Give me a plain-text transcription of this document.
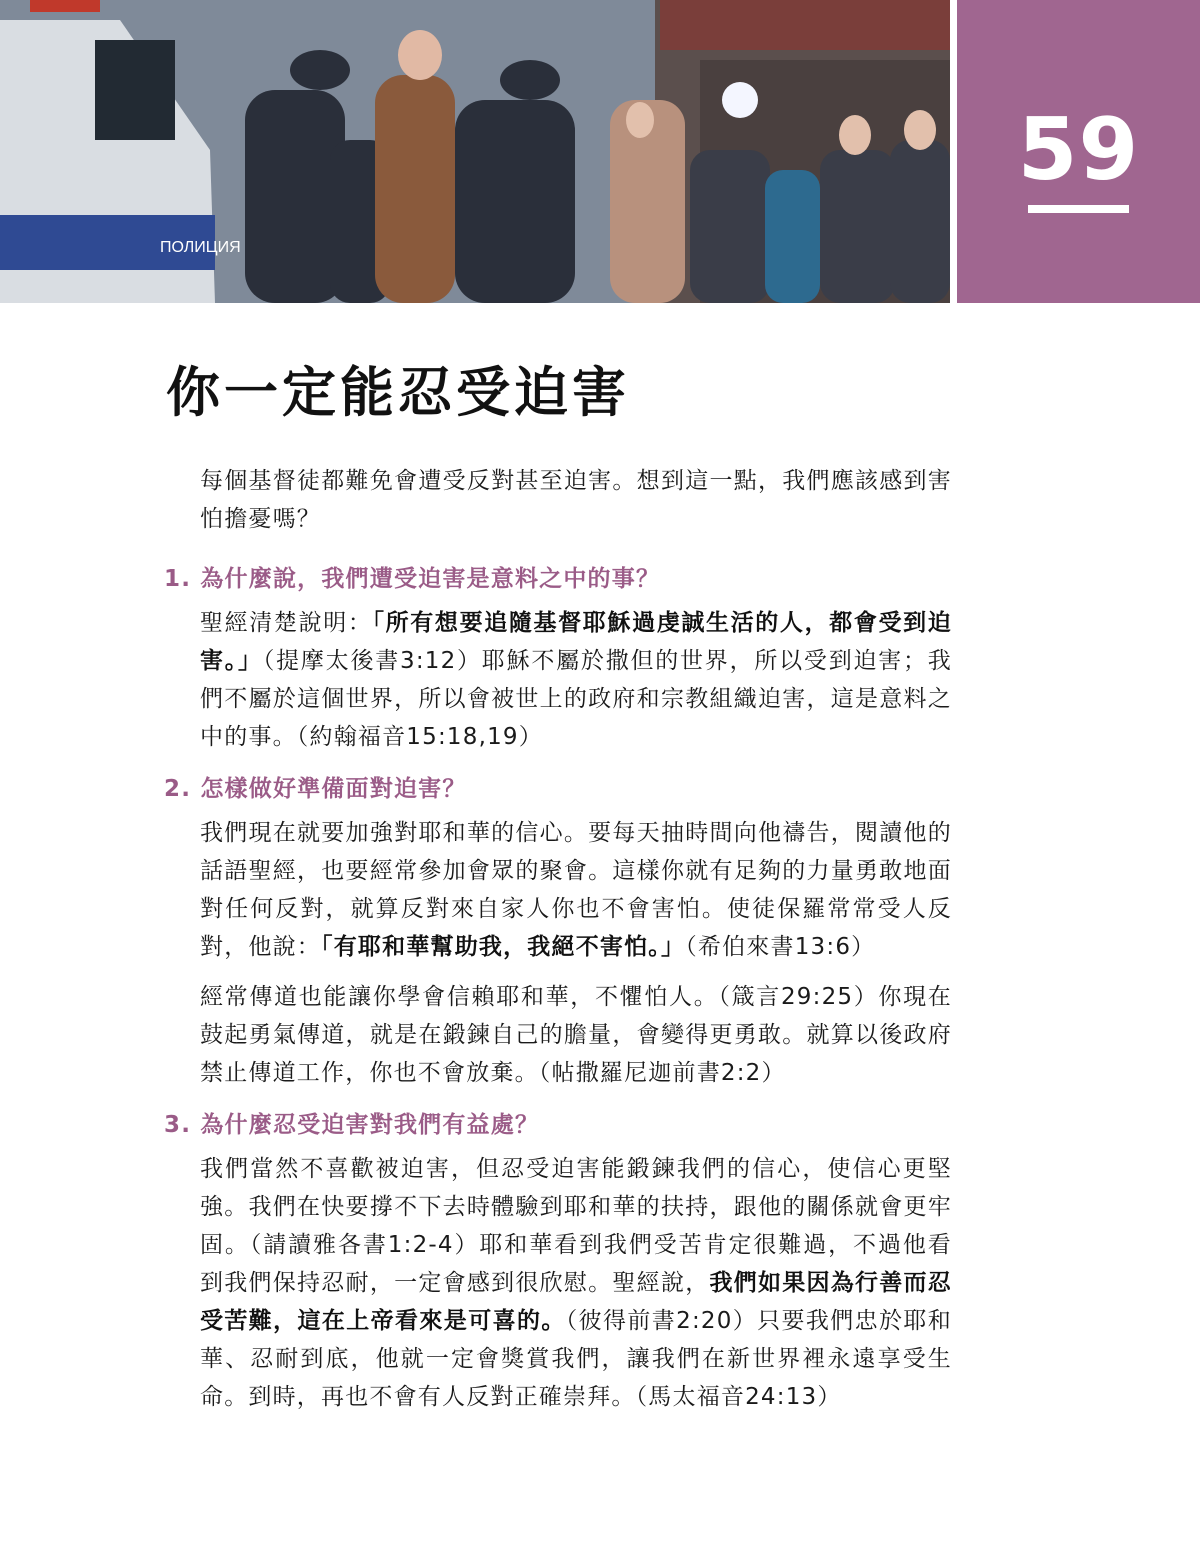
ПОЛИЦИЯ
59
你一定能忍受迫害

每個基督徒都難免會遭受反對甚至迫害。想到這一點，我們應該感到害怕擔憂嗎？

1. 為什麼說，我們遭受迫害是意料之中的事？

聖經清楚說明：「所有想要追隨基督耶穌過虔誠生活的人，都會受到迫害。」（提摩太後書3:12）耶穌不屬於撒但的世界，所以受到迫害；我們不屬於這個世界，所以會被世上的政府和宗教組織迫害，這是意料之中的事。（約翰福音15:18,19）

2. 怎樣做好準備面對迫害？

我們現在就要加強對耶和華的信心。要每天抽時間向他禱告，閱讀他的話語聖經，也要經常參加會眾的聚會。這樣你就有足夠的力量勇敢地面對任何反對，就算反對來自家人你也不會害怕。使徒保羅常常受人反對，他說：「有耶和華幫助我，我絕不害怕。」（希伯來書13:6）

經常傳道也能讓你學會信賴耶和華，不懼怕人。（箴言29:25）你現在鼓起勇氣傳道，就是在鍛鍊自己的膽量，會變得更勇敢。就算以後政府禁止傳道工作，你也不會放棄。（帖撒羅尼迦前書2:2）

3. 為什麼忍受迫害對我們有益處？

我們當然不喜歡被迫害，但忍受迫害能鍛鍊我們的信心，使信心更堅強。我們在快要撐不下去時體驗到耶和華的扶持，跟他的關係就會更牢固。（請讀雅各書1:2-4）耶和華看到我們受苦肯定很難過，不過他看到我們保持忍耐，一定會感到很欣慰。聖經說，我們如果因為行善而忍受苦難，這在上帝看來是可喜的。（彼得前書2:20）只要我們忠於耶和華、忍耐到底，他就一定會獎賞我們，讓我們在新世界裡永遠享受生命。到時，再也不會有人反對正確崇拜。（馬太福音24:13）
